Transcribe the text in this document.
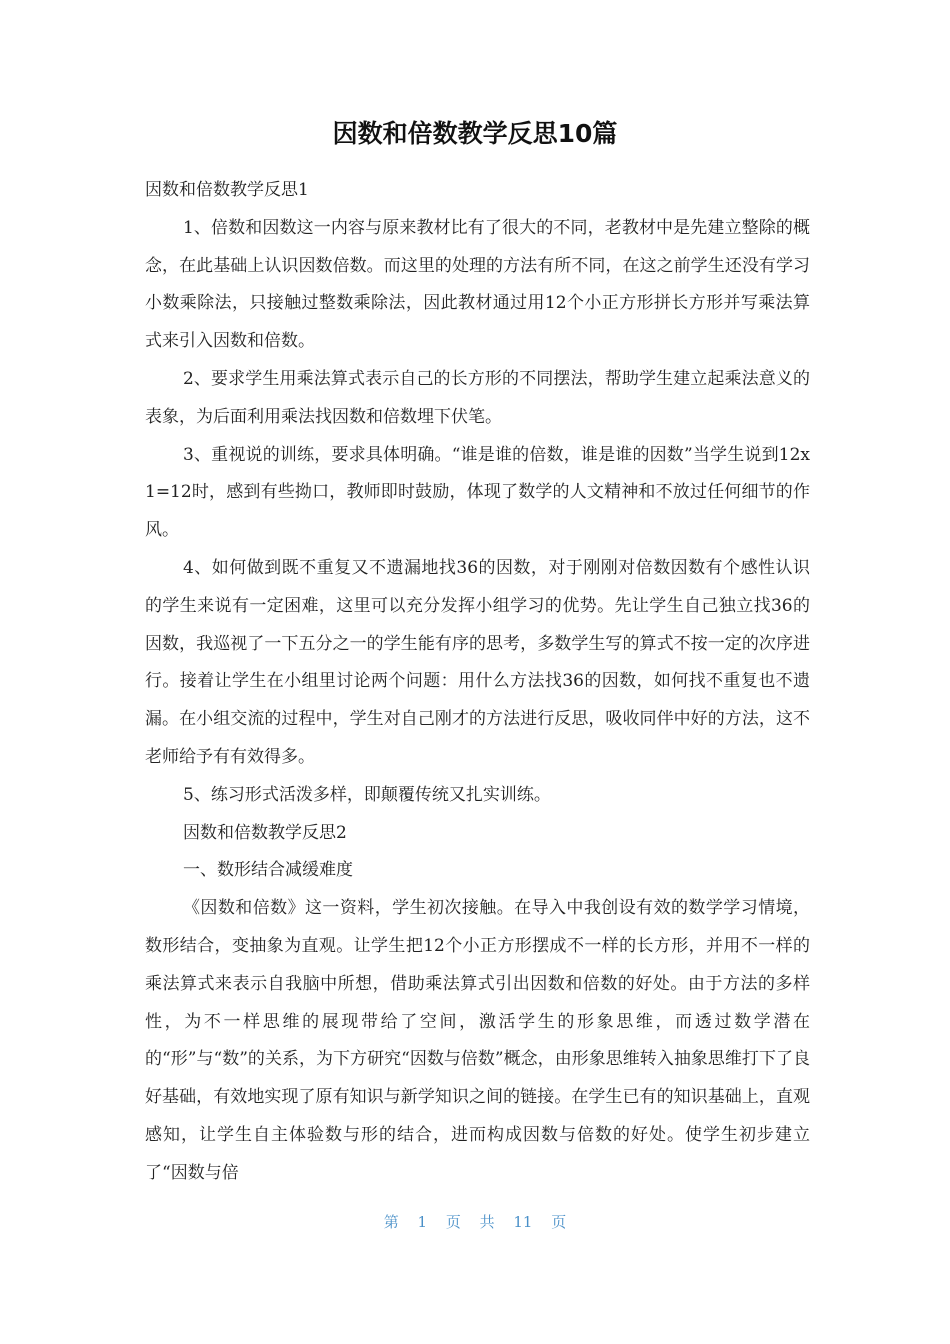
因数和倍数教学反思10篇

因数和倍数教学反思1

1、倍数和因数这一内容与原来教材比有了很大的不同，老教材中是先建立整除的概念，在此基础上认识因数倍数。而这里的处理的方法有所不同，在这之前学生还没有学习小数乘除法，只接触过整数乘除法，因此教材通过用12个小正方形拼长方形并写乘法算式来引入因数和倍数。

2、要求学生用乘法算式表示自己的长方形的不同摆法，帮助学生建立起乘法意义的表象，为后面利用乘法找因数和倍数埋下伏笔。

3、重视说的训练，要求具体明确。“谁是谁的倍数，谁是谁的因数”当学生说到12x1=12时，感到有些拗口，教师即时鼓励，体现了数学的人文精神和不放过任何细节的作风。

4、如何做到既不重复又不遗漏地找36的因数，对于刚刚对倍数因数有个感性认识的学生来说有一定困难，这里可以充分发挥小组学习的优势。先让学生自己独立找36的因数，我巡视了一下五分之一的学生能有序的思考，多数学生写的算式不按一定的次序进行。接着让学生在小组里讨论两个问题：用什么方法找36的因数，如何找不重复也不遗漏。在小组交流的过程中，学生对自己刚才的方法进行反思，吸收同伴中好的方法，这不老师给予有有效得多。

5、练习形式活泼多样，即颠覆传统又扎实训练。

因数和倍数教学反思2

一、数形结合减缓难度

《因数和倍数》这一资料，学生初次接触。在导入中我创设有效的数学学习情境，数形结合，变抽象为直观。让学生把12个小正方形摆成不一样的长方形，并用不一样的乘法算式来表示自我脑中所想，借助乘法算式引出因数和倍数的好处。由于方法的多样性，为不一样思维的展现带给了空间，激活学生的形象思维，而透过数学潜在的“形”与“数”的关系，为下方研究“因数与倍数”概念，由形象思维转入抽象思维打下了良好基础，有效地实现了原有知识与新学知识之间的链接。在学生已有的知识基础上，直观感知，让学生自主体验数与形的结合，进而构成因数与倍数的好处。使学生初步建立了“因数与倍

第 1 页 共 11 页
